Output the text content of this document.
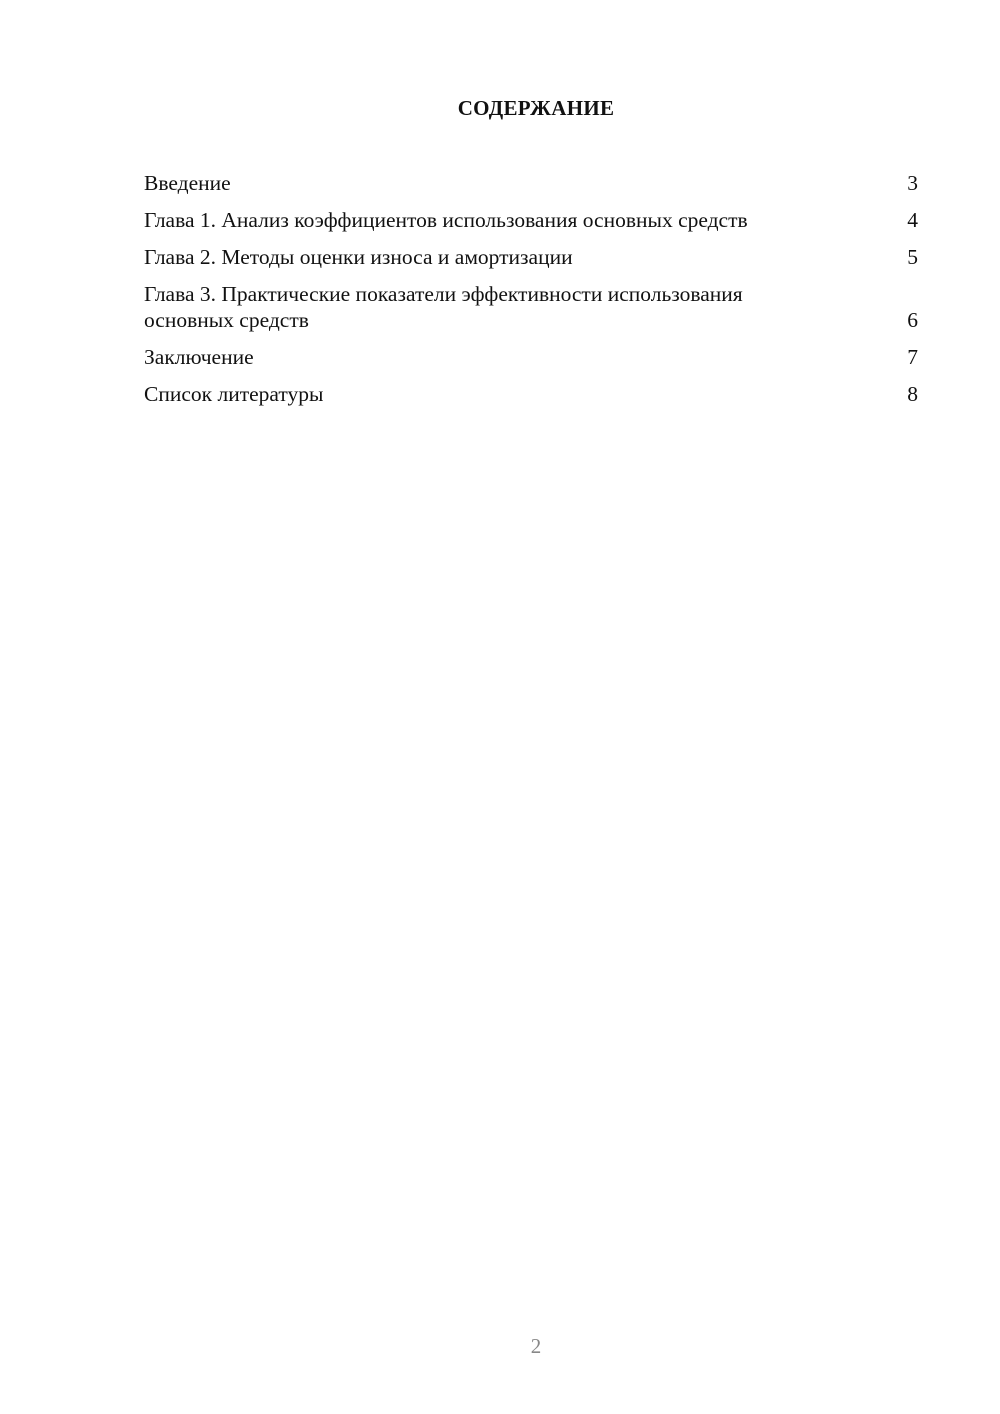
СОДЕРЖАНИЕ
Введение	3
Глава 1. Анализ коэффициентов использования основных средств	4
Глава 2. Методы оценки износа и амортизации	5
Глава 3. Практические показатели эффективности использования основных средств	6
Заключение	7
Список литературы	8
2
